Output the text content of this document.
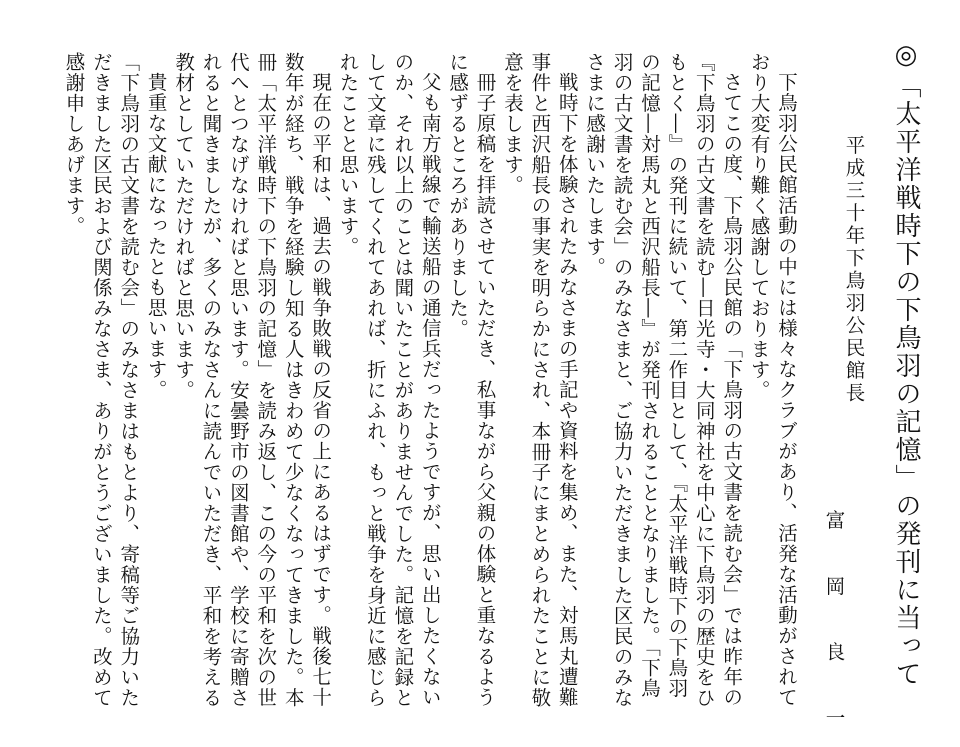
◎「太平洋戦時下の下鳥羽の記憶」の発刊に当って
平成三十年下鳥羽公民館長
富 岡 良 一

下鳥羽公民館活動の中には様々なクラブがあり、活発な活動がされており大変有り難く感謝しております。

さてこの度、下鳥羽公民館の「下鳥羽の古文書を読む会」では昨年の『下鳥羽の古文書を読む―日光寺・大同神社を中心に下鳥羽の歴史をひもとく―』の発刊に続いて、第二作目として、『太平洋戦時下の下鳥羽の記憶―対馬丸と西沢船長―』が発刊されることとなりました。「下鳥羽の古文書を読む会」のみなさまと、ご協力いただきました区民のみなさまに感謝いたします。

戦時下を体験されたみなさまの手記や資料を集め、また、対馬丸遭難事件と西沢船長の事実を明らかにされ、本冊子にまとめられたことに敬意を表します。

冊子原稿を拝読させていただき、私事ながら父親の体験と重なるように感ずるところがありました。

父も南方戦線で輸送船の通信兵だったようですが、思い出したくないのか、それ以上のことは聞いたことがありませんでした。記憶を記録として文章に残してくれてあれば、折にふれ、もっと戦争を身近に感じられたことと思います。

現在の平和は、過去の戦争敗戦の反省の上にあるはずです。戦後七十数年が経ち、戦争を経験し知る人はきわめて少なくなってきました。本冊「太平洋戦時下の下鳥羽の記憶」を読み返し、この今の平和を次の世代へとつなげなければと思います。安曇野市の図書館や、学校に寄贈されると聞きましたが、多くのみなさんに読んでいただき、平和を考える教材としていただければと思います。

貴重な文献になったとも思います。

「下鳥羽の古文書を読む会」のみなさまはもとより、寄稿等ご協力いただきました区民および関係みなさま、ありがとうございました。改めて感謝申しあげます。
